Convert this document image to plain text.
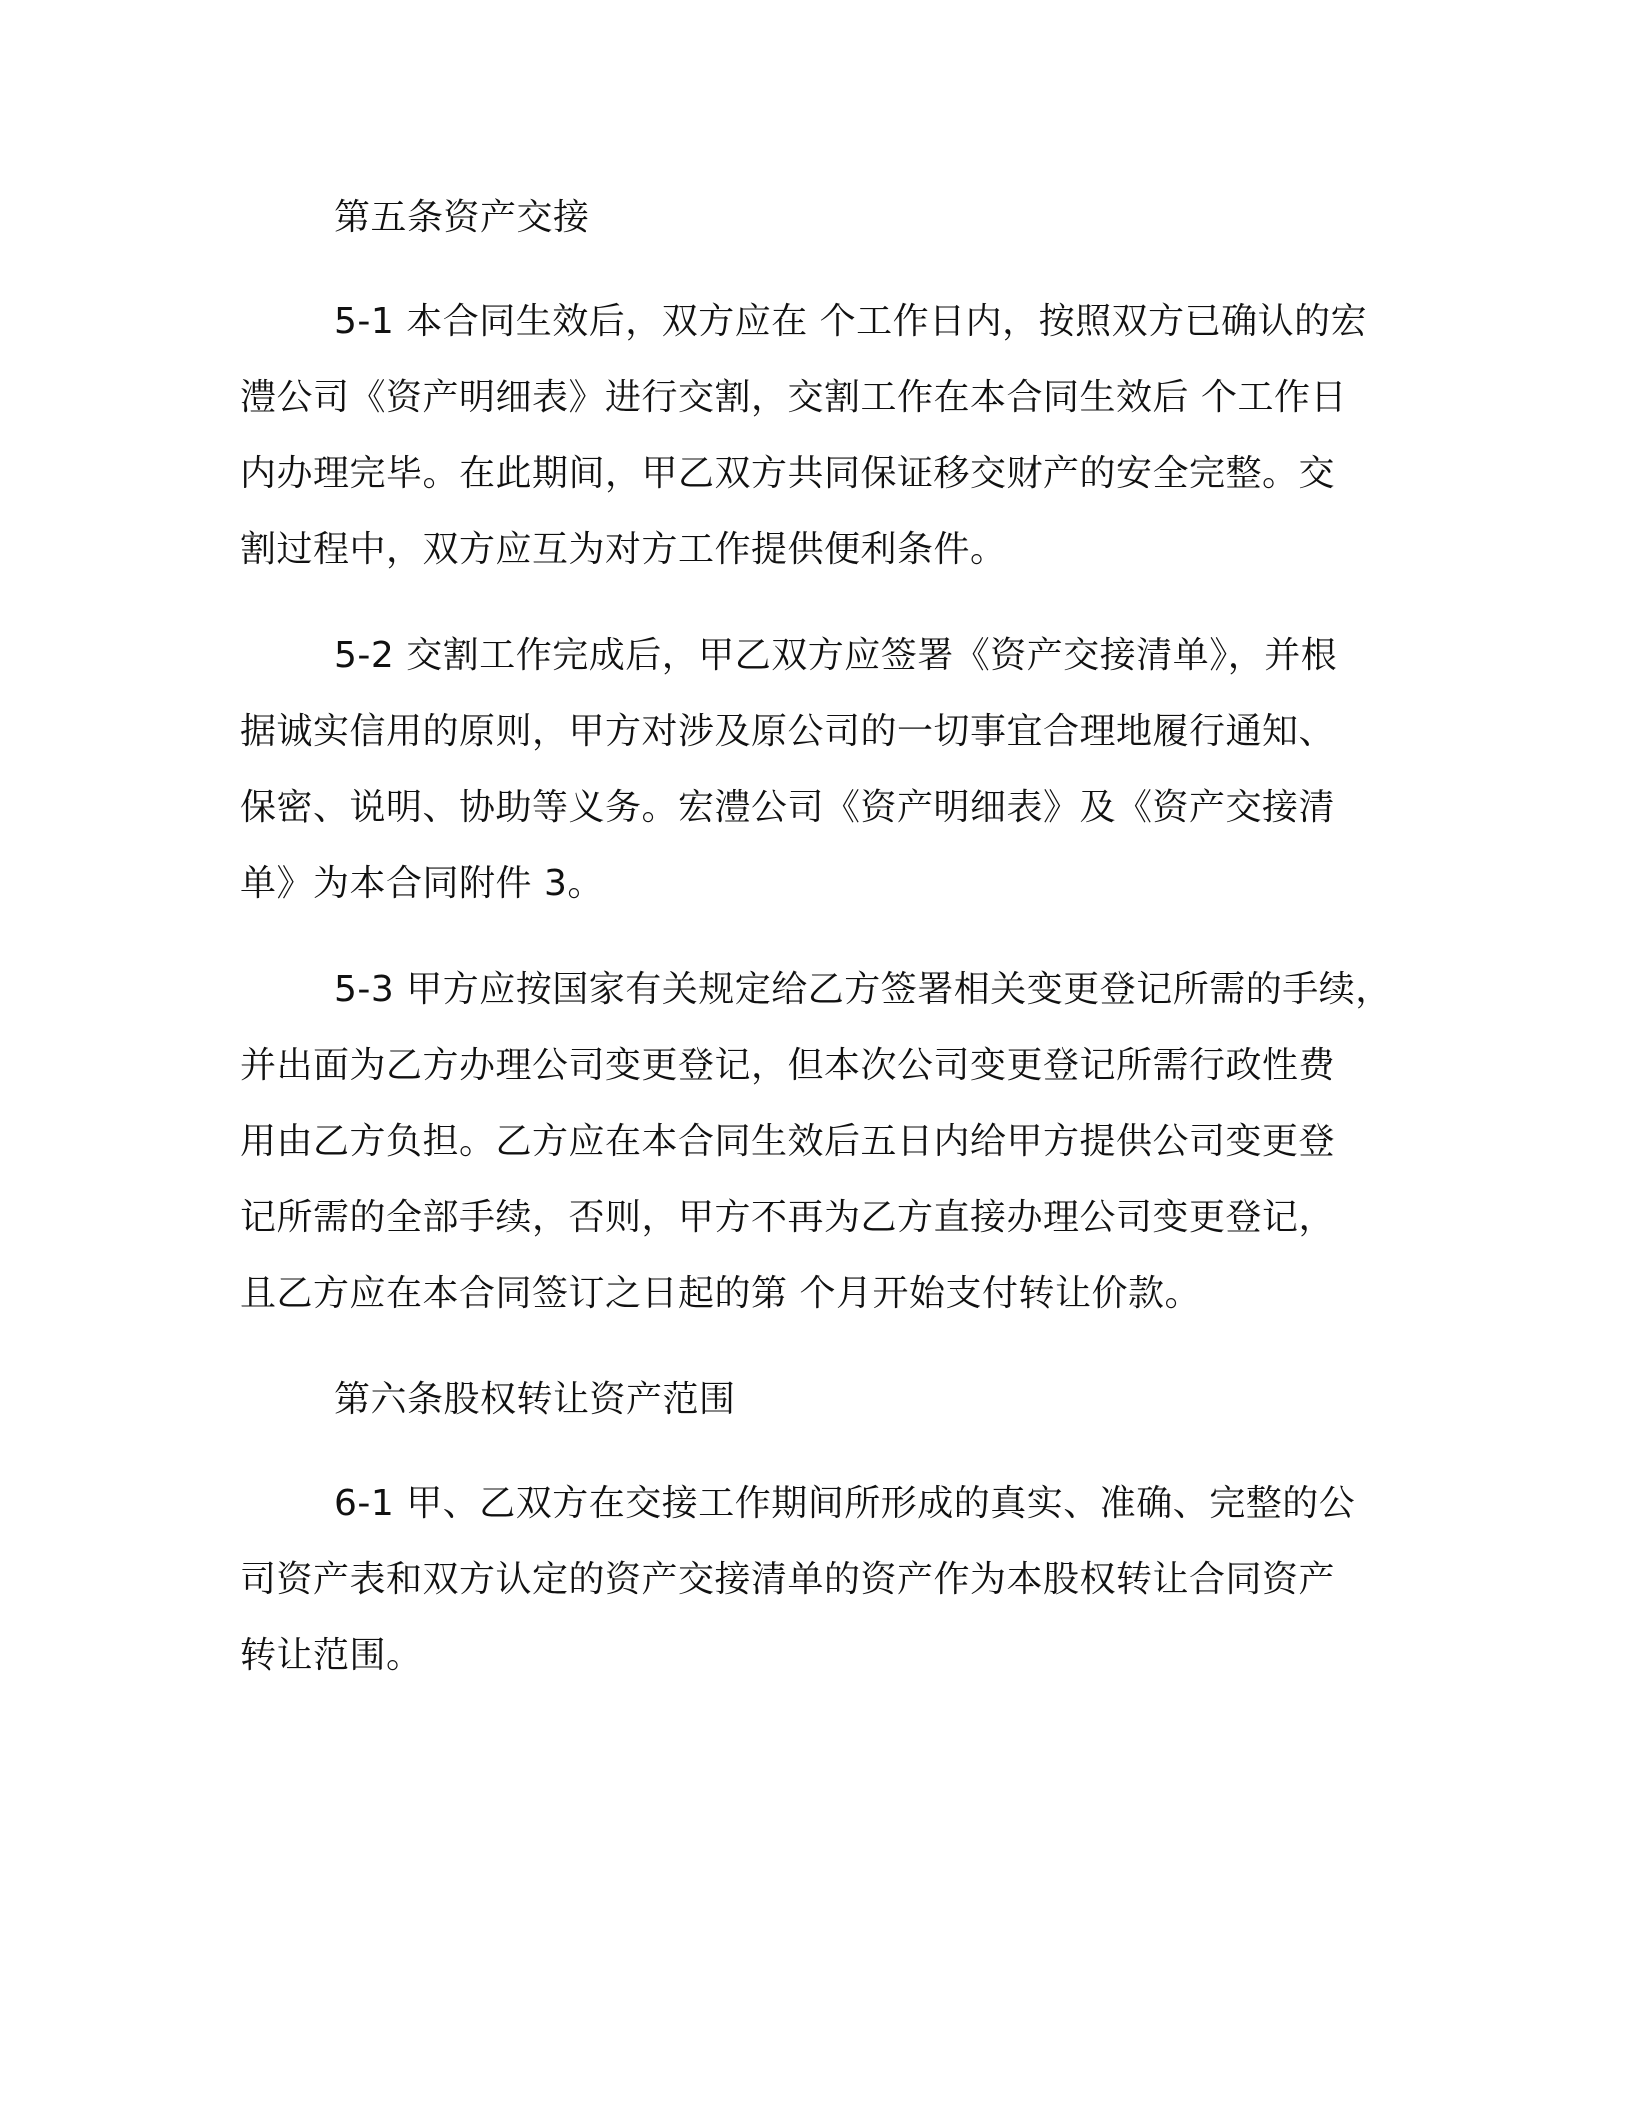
第五条资产交接
5-1 本合同生效后，双方应在 个工作日内，按照双方已确认的宏
澧公司《资产明细表》进行交割，交割工作在本合同生效后 个工作日
内办理完毕。在此期间，甲乙双方共同保证移交财产的安全完整。交
割过程中，双方应互为对方工作提供便利条件。
5-2 交割工作完成后，甲乙双方应签署《资产交接清单》，并根
据诚实信用的原则，甲方对涉及原公司的一切事宜合理地履行通知、
保密、说明、协助等义务。宏澧公司《资产明细表》及《资产交接清
单》为本合同附件 3。
5-3 甲方应按国家有关规定给乙方签署相关变更登记所需的手续，
并出面为乙方办理公司变更登记，但本次公司变更登记所需行政性费
用由乙方负担。乙方应在本合同生效后五日内给甲方提供公司变更登
记所需的全部手续，否则，甲方不再为乙方直接办理公司变更登记，
且乙方应在本合同签订之日起的第 个月开始支付转让价款。
第六条股权转让资产范围
6-1 甲、乙双方在交接工作期间所形成的真实、准确、完整的公
司资产表和双方认定的资产交接清单的资产作为本股权转让合同资产
转让范围。
